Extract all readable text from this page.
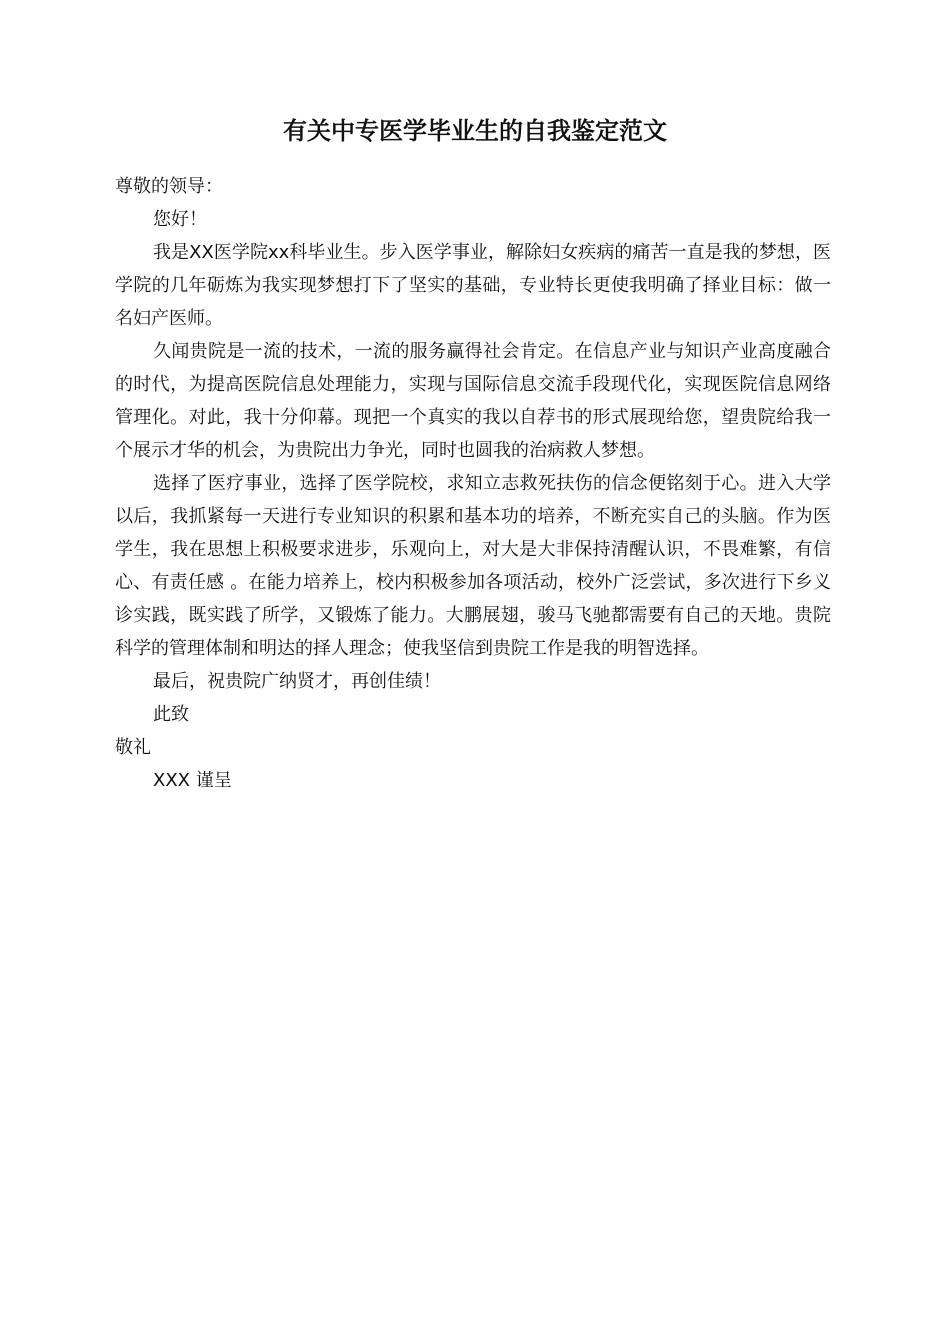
有关中专医学毕业生的自我鉴定范文
尊敬的领导：
您好！
我是XX医学院xx科毕业生。步入医学事业，解除妇女疾病的痛苦一直是我的梦想，医学院的几年砺炼为我实现梦想打下了坚实的基础，专业特长更使我明确了择业目标：做一名妇产医师。
久闻贵院是一流的技术，一流的服务赢得社会肯定。在信息产业与知识产业高度融合的时代，为提高医院信息处理能力，实现与国际信息交流手段现代化，实现医院信息网络管理化。对此，我十分仰幕。现把一个真实的我以自荐书的形式展现给您，望贵院给我一个展示才华的机会，为贵院出力争光，同时也圆我的治病救人梦想。
选择了医疗事业，选择了医学院校，求知立志救死扶伤的信念便铭刻于心。进入大学以后，我抓紧每一天进行专业知识的积累和基本功的培养，不断充实自己的头脑。作为医学生，我在思想上积极要求进步，乐观向上，对大是大非保持清醒认识，不畏难繁，有信心、有责任感 。在能力培养上，校内积极参加各项活动，校外广泛尝试，多次进行下乡义诊实践，既实践了所学，又锻炼了能力。大鹏展翅，骏马飞驰都需要有自己的天地。贵院科学的管理体制和明达的择人理念；使我坚信到贵院工作是我的明智选择。
最后，祝贵院广纳贤才，再创佳绩！
此致
敬礼
XXX 谨呈
